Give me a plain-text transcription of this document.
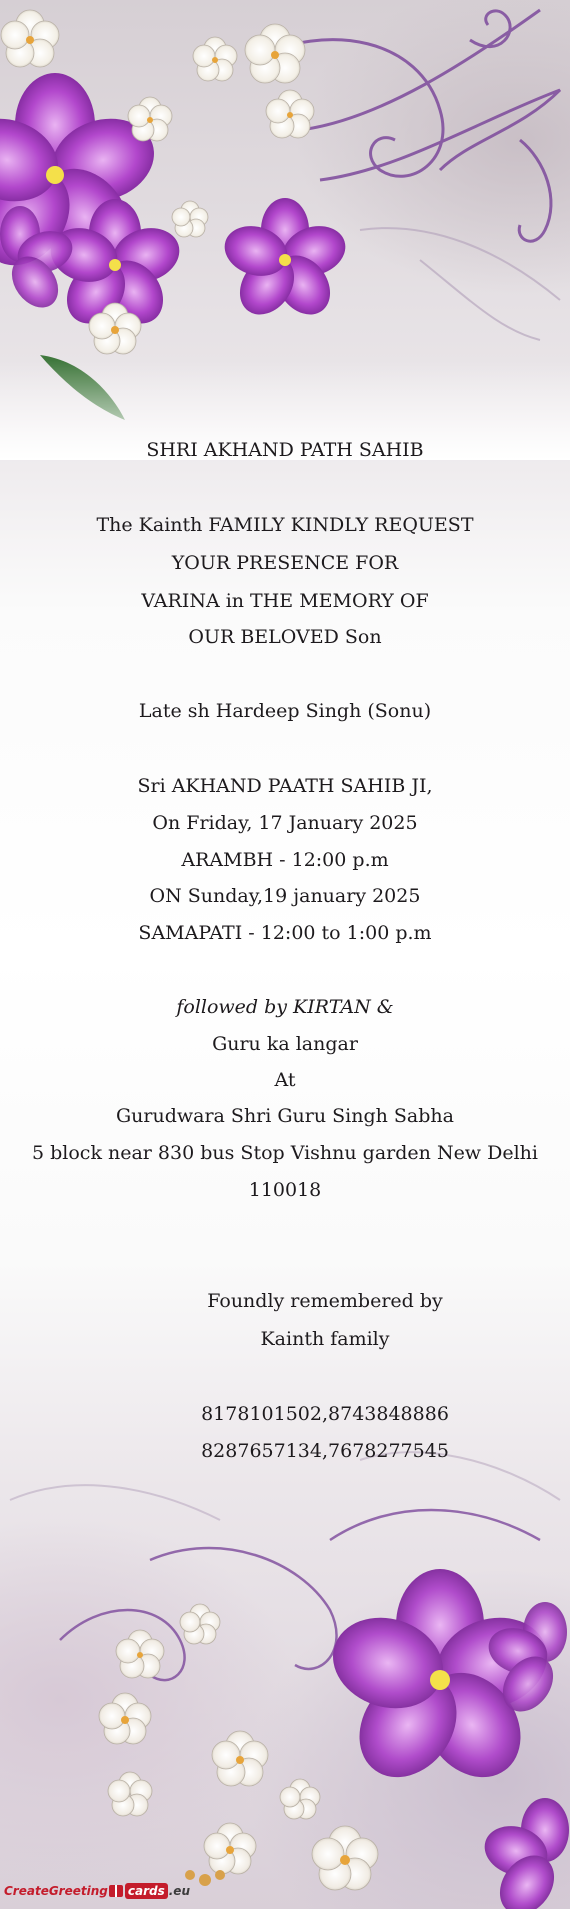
SHRI AKHAND PATH SAHIB
The Kainth FAMILY KINDLY REQUEST
YOUR PRESENCE FOR
VARINA in THE MEMORY OF
OUR BELOVED Son
Late sh Hardeep Singh (Sonu)
Sri AKHAND PAATH SAHIB JI,
On Friday, 17 January 2025
ARAMBH - 12:00 p.m
ON Sunday,19 january 2025
SAMAPATI - 12:00 to 1:00 p.m
followed by KIRTAN &
Guru ka langar
At
Gurudwara Shri Guru Singh Sabha
5 block near 830 bus Stop Vishnu garden New Delhi
110018
Foundly remembered by
Kainth family
8178101502,8743848886
8287657134,7678277545
CreateGreeting cards .eu
